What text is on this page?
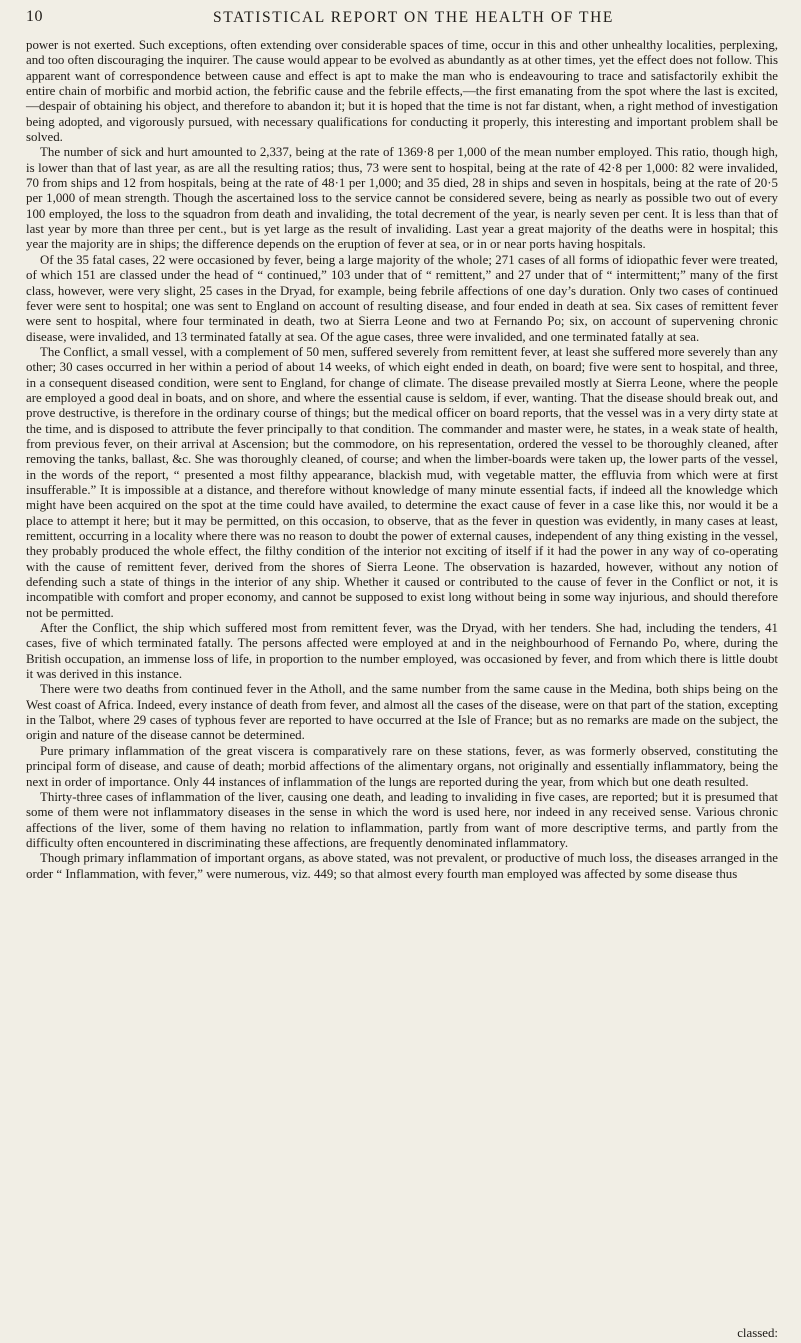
10	STATISTICAL REPORT ON THE HEALTH OF THE

power is not exerted. Such exceptions, often extending over considerable spaces of time, occur in this and other unhealthy localities, perplexing, and too often discouraging the inquirer. The cause would appear to be evolved as abundantly as at other times, yet the effect does not follow. This apparent want of correspondence between cause and effect is apt to make the man who is endeavouring to trace and satisfactorily exhibit the entire chain of morbific and morbid action, the febrific cause and the febrile effects,—the first emanating from the spot where the last is excited, —despair of obtaining his object, and therefore to abandon it; but it is hoped that the time is not far distant, when, a right method of investigation being adopted, and vigorously pursued, with necessary qualifications for conducting it properly, this interesting and important problem shall be solved.

The number of sick and hurt amounted to 2,337, being at the rate of 1369·8 per 1,000 of the mean number employed. This ratio, though high, is lower than that of last year, as are all the resulting ratios; thus, 73 were sent to hospital, being at the rate of 42·8 per 1,000: 82 were invalided, 70 from ships and 12 from hospitals, being at the rate of 48·1 per 1,000; and 35 died, 28 in ships and seven in hospitals, being at the rate of 20·5 per 1,000 of mean strength. Though the ascertained loss to the service cannot be considered severe, being as nearly as possible two out of every 100 employed, the loss to the squadron from death and invaliding, the total decrement of the year, is nearly seven per cent. It is less than that of last year by more than three per cent., but is yet large as the result of invaliding. Last year a great majority of the deaths were in hospital; this year the majority are in ships; the difference depends on the eruption of fever at sea, or in or near ports having hospitals.

Of the 35 fatal cases, 22 were occasioned by fever, being a large majority of the whole; 271 cases of all forms of idiopathic fever were treated, of which 151 are classed under the head of “ continued,” 103 under that of “ remittent,” and 27 under that of “ intermittent;” many of the first class, however, were very slight, 25 cases in the Dryad, for example, being febrile affections of one day’s duration. Only two cases of continued fever were sent to hospital; one was sent to England on account of resulting disease, and four ended in death at sea. Six cases of remittent fever were sent to hospital, where four terminated in death, two at Sierra Leone and two at Fernando Po; six, on account of supervening chronic disease, were invalided, and 13 terminated fatally at sea. Of the ague cases, three were invalided, and one terminated fatally at sea.

The Conflict, a small vessel, with a complement of 50 men, suffered severely from remittent fever, at least she suffered more severely than any other; 30 cases occurred in her within a period of about 14 weeks, of which eight ended in death, on board; five were sent to hospital, and three, in a consequent diseased condition, were sent to England, for change of climate. The disease prevailed mostly at Sierra Leone, where the people are employed a good deal in boats, and on shore, and where the essential cause is seldom, if ever, wanting. That the disease should break out, and prove destructive, is therefore in the ordinary course of things; but the medical officer on board reports, that the vessel was in a very dirty state at the time, and is disposed to attribute the fever principally to that condition. The commander and master were, he states, in a weak state of health, from previous fever, on their arrival at Ascension; but the commodore, on his representation, ordered the vessel to be thoroughly cleaned, after removing the tanks, ballast, &c. She was thoroughly cleaned, of course; and when the limber-boards were taken up, the lower parts of the vessel, in the words of the report, “ presented a most filthy appearance, blackish mud, with vegetable matter, the effluvia from which were at first insufferable.” It is impossible at a distance, and therefore without knowledge of many minute essential facts, if indeed all the knowledge which might have been acquired on the spot at the time could have availed, to determine the exact cause of fever in a case like this, nor would it be a place to attempt it here; but it may be permitted, on this occasion, to observe, that as the fever in question was evidently, in many cases at least, remittent, occurring in a locality where there was no reason to doubt the power of external causes, independent of any thing existing in the vessel, they probably produced the whole effect, the filthy condition of the interior not exciting of itself if it had the power in any way of co-operating with the cause of remittent fever, derived from the shores of Sierra Leone. The observation is hazarded, however, without any notion of defending such a state of things in the interior of any ship. Whether it caused or contributed to the cause of fever in the Conflict or not, it is incompatible with comfort and proper economy, and cannot be supposed to exist long without being in some way injurious, and should therefore not be permitted.

After the Conflict, the ship which suffered most from remittent fever, was the Dryad, with her tenders. She had, including the tenders, 41 cases, five of which terminated fatally. The persons affected were employed at and in the neighbourhood of Fernando Po, where, during the British occupation, an immense loss of life, in proportion to the number employed, was occasioned by fever, and from which there is little doubt it was derived in this instance.

There were two deaths from continued fever in the Atholl, and the same number from the same cause in the Medina, both ships being on the West coast of Africa. Indeed, every instance of death from fever, and almost all the cases of the disease, were on that part of the station, excepting in the Talbot, where 29 cases of typhous fever are reported to have occurred at the Isle of France; but as no remarks are made on the subject, the origin and nature of the disease cannot be determined.

Pure primary inflammation of the great viscera is comparatively rare on these stations, fever, as was formerly observed, constituting the principal form of disease, and cause of death; morbid affections of the alimentary organs, not originally and essentially inflammatory, being the next in order of importance. Only 44 instances of inflammation of the lungs are reported during the year, from which but one death resulted.

Thirty-three cases of inflammation of the liver, causing one death, and leading to invaliding in five cases, are reported; but it is presumed that some of them were not inflammatory diseases in the sense in which the word is used here, nor indeed in any received sense. Various chronic affections of the liver, some of them having no relation to inflammation, partly from want of more descriptive terms, and partly from the difficulty often encountered in discriminating these affections, are frequently denominated inflammatory.

Though primary inflammation of important organs, as above stated, was not prevalent, or productive of much loss, the diseases arranged in the order “ Inflammation, with fever,” were numerous, viz. 449; so that almost every fourth man employed was affected by some disease thus

classed:
